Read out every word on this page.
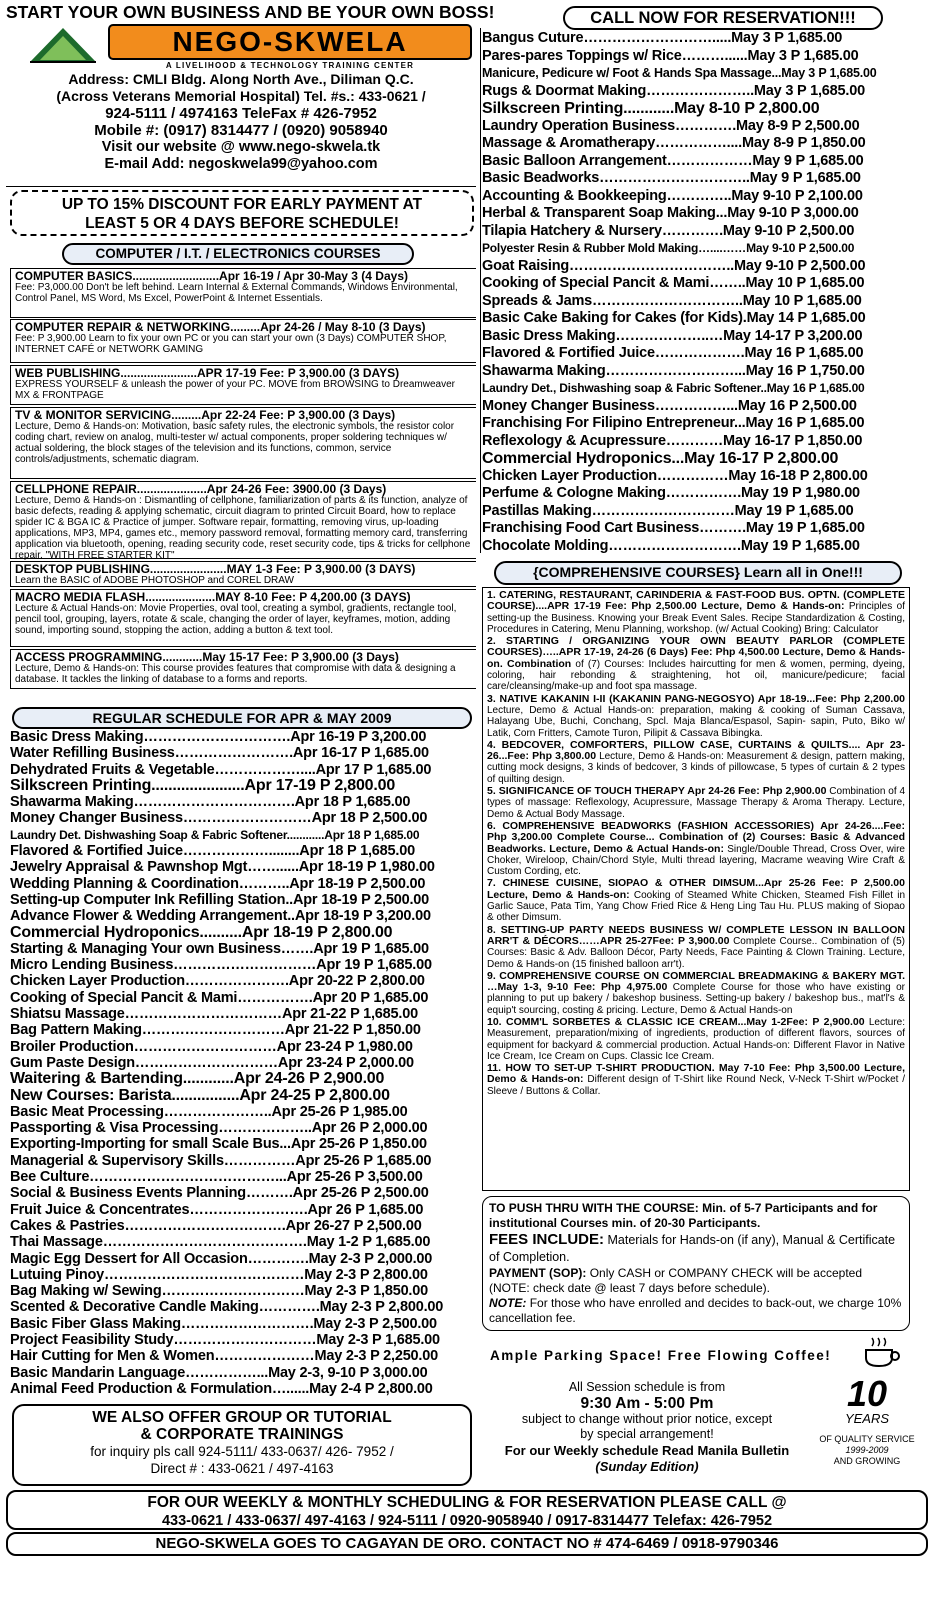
START YOUR OWN BUSINESS AND BE YOUR OWN BOSS!	CALL NOW FOR RESERVATION!!!
NEGO-SKWELA
A LIVELIHOOD & TECHNOLOGY TRAINING CENTER
Address: CMLI Bldg. Along North Ave., Diliman Q.C.
(Across Veterans Memorial Hospital) Tel. #s.: 433-0621 /
924-5111 / 4974163 TeleFax # 426-7952
Mobile #: (0917) 8314477 / (0920) 9058940
Visit our website @ www.nego-skwela.tk
E-mail Add: negoskwela99@yahoo.com
UP TO 15% DISCOUNT FOR EARLY PAYMENT AT
LEAST 5 OR 4 DAYS BEFORE SCHEDULE!
COMPUTER / I.T. / ELECTRONICS COURSES
COMPUTER BASICS..........................Apr 16-19 / Apr 30-May 3 (4 Days)
Fee: P3,000.00 Don't be left behind. Learn Internal & External Commands, Windows Environmental, Control Panel, MS Word, Ms Excel, PowerPoint & Internet Essentials.
COMPUTER REPAIR & NETWORKING.........Apr 24-26 / May 8-10 (3 Days)
Fee: P 3,900.00 Learn to fix your own PC or you can start your own (3 Days) COMPUTER SHOP, INTERNET CAFÉ or NETWORK GAMING
WEB PUBLISHING.......................APR 17-19 Fee: P 3,900.00 (3 DAYS)
EXPRESS YOURSELF & unleash the power of your PC. MOVE from BROWSING to Dreamweaver MX & FRONTPAGE
TV & MONITOR SERVICING.........Apr 22-24 Fee: P 3,900.00 (3 Days)
Lecture, Demo & Hands-on: Motivation, basic safety rules, the electronic symbols, the resistor color coding chart, review on analog, multi-tester w/ actual components, proper soldering techniques w/ actual soldering, the block stages of the television and its functions, common, service controls/adjustments, schematic diagram.
CELLPHONE REPAIR.....................Apr 24-26 Fee: 3900.00 (3 Days)
Lecture, Demo & Hands-on : Dismantling of cellphone, familiarization of parts & its function, analyze of basic defects, reading & applying schematic, circuit diagram to printed Circuit Board, how to replace spider IC & BGA IC & Practice of jumper. Software repair, formatting, removing virus, up-loading applications, MP3, MP4, games etc., memory password removal, formatting memory card, transferring application via bluetooth, opening, reading security code, reset security code, tips & tricks for cellphone repair. "WITH FREE STARTER KIT"
DESKTOP PUBLISHING.......................MAY 1-3 Fee: P 3,900.00 (3 DAYS)
Learn the BASIC of ADOBE PHOTOSHOP and COREL DRAW
MACRO MEDIA FLASH.....................MAY 8-10 Fee: P 4,200.00 (3 DAYS)
Lecture & Actual Hands-on: Movie Properties, oval tool, creating a symbol, gradients, rectangle tool, pencil tool, grouping, layers, rotate & scale, changing the order of layer, keyframes, motion, adding sound, importing sound, stopping the action, adding a button & text tool.
ACCESS PROGRAMMING............May 15-17 Fee: P 3,900.00 (3 Days)
Lecture, Demo & Hands-on: This course provides features that compromise with data & designing a database. It tackles the linking of database to a forms and reports.
REGULAR SCHEDULE FOR APR & MAY 2009
Basic Dress Making………………………….Apr 16-19 P 3,200.00
Water Refilling Business…………………….Apr 16-17 P 1,685.00
Dehydrated Fruits & Vegetable………………....Apr 17 P 1,685.00
Silkscreen Printing......................Apr 17-19 P 2,800.00
Shawarma Making…………………………….Apr 18 P 1,685.00
Money Changer Business………………………Apr 18 P 2,500.00
Laundry Det. Dishwashing Soap & Fabric Softener............Apr 18 P 1,685.00
Flavored & Fortified Juice………………........Apr 18 P 1,685.00
Jewelry Appraisal & Pawnshop Mgt……......Apr 18-19 P 1,980.00
Wedding Planning & Coordination………..Apr 18-19 P 2,500.00
Setting-up Computer Ink Refilling Station..Apr 18-19 P 2,500.00
Advance Flower & Wedding Arrangement..Apr 18-19 P 3,200.00
Commercial Hydroponics..........Apr 18-19 P 2,800.00
Starting & Managing Your own Business…….Apr 19 P 1,685.00
Micro Lending Business…………………………Apr 19 P 1,685.00
Chicken Layer Production………………….Apr 20-22 P 2,800.00
Cooking of Special Pancit & Mami…………….Apr 20 P 1,685.00
Shiatsu Massage……………………………Apr 21-22 P 1,685.00
Bag Pattern Making…………………………Apr 21-22 P 1,850.00
Broiler Production…………………………Apr 23-24 P 1,980.00
Gum Paste Design…………………………Apr 23-24 P 2,000.00
Waitering & Bartending............Apr 24-26 P 2,900.00
New Courses: Barista................Apr 24-25 P 2,800.00
Basic Meat Processing…………………..Apr 25-26 P 1,985.00
Passporting & Visa Processing………………..Apr 26 P 2,000.00
Exporting-Importing for small Scale Bus...Apr 25-26 P 1,850.00
Managerial & Supervisory Skills……………Apr 25-26 P 1,685.00
Bee Culture…………………………………...Apr 25-26 P 3,500.00
Social & Business Events Planning……….Apr 25-26 P 2,500.00
Fruit Juice & Concentrates…………………….Apr 26 P 1,685.00
Cakes & Pastries…………………………….Apr 26-27 P 2,500.00
Thai Massage…………………………………….May 1-2 P 1,685.00
Magic Egg Dessert for All Occasion………….May 2-3 P 2,000.00
Lutuing Pinoy……………………………………May 2-3 P 2,800.00
Bag Making w/ Sewing…………………………May 2-3 P 1,850.00
Scented & Decorative Candle Making………….May 2-3 P 2,800.00
Basic Fiber Glass Making……………………….May 2-3 P 2,500.00
Project Feasibility Study…………………………May 2-3 P 1,685.00
Hair Cutting for Men & Women…………………May 2-3 P 2,250.00
Basic Mandarin Language……………...May 2-3, 9-10 P 3,000.00
Animal Feed Production & Formulation…......May 2-4 P 2,800.00
WE ALSO OFFER GROUP OR TUTORIAL
& CORPORATE TRAININGS
for inquiry pls call 924-5111/ 433-0637/ 426- 7952 /
Direct # : 433-0621 / 497-4163
Bangus Cuture……………………….....May 3 P 1,685.00
Pares-pares Toppings w/ Rice………......May 3 P 1,685.00
Manicure, Pedicure w/ Foot & Hands Spa Massage...May 3 P 1,685.00
Rugs & Doormat Making…………………..May 3 P 1,685.00
Silkscreen Printing............May 8-10 P 2,800.00
Laundry Operation Business………….May 8-9 P 2,500.00
Massage & Aromatherapy……………....May 8-9 P 1,850.00
Basic Balloon Arrangement………………May 9 P 1,685.00
Basic Beadworks…………………………..May 9 P 1,685.00
Accounting & Bookkeeping…………..May 9-10 P 2,100.00
Herbal & Transparent Soap Making...May 9-10 P 3,000.00
Tilapia Hatchery & Nursery………….May 9-10 P 2,500.00
Polyester Resin & Rubber Mold Making…....……May 9-10 P 2,500.00
Goat Raising……………………………..May 9-10 P 2,500.00
Cooking of Special Pancit & Mami……..May 10 P 1,685.00
Spreads & Jams…………………………..May 10 P 1,685.00
Basic Cake Baking for Cakes (for Kids).May 14 P 1,685.00
Basic Dress Making………………..…May 14-17 P 3,200.00
Flavored & Fortified Juice……………….May 16 P 1,685.00
Shawarma Making………………………...May 16 P 1,750.00
Laundry Det., Dishwashing soap & Fabric Softener..May 16 P 1,685.00
Money Changer Business……………...May 16 P 2,500.00
Franchising For Filipino Entrepreneur...May 16 P 1,685.00
Reflexology & Acupressure…………May 16-17 P 1,850.00
Commercial Hydroponics...May 16-17 P 2,800.00
Chicken Layer Production……………May 16-18 P 2,800.00
Perfume & Cologne Making…………….May 19 P 1,980.00
Pastillas Making…………………………May 19 P 1,685.00
Franchising Food Cart Business……….May 19 P 1,685.00
Chocolate Molding……………………….May 19 P 1,685.00
{COMPREHENSIVE COURSES} Learn all in One!!!

1. CATERING, RESTAURANT, CARINDERIA & FAST-FOOD BUS. OPTN. (COMPLETE COURSE)....APR 17-19 Fee: Php 2,500.00 Lecture, Demo & Hands-on: Principles of setting-up the Business. Knowing your Break Event Sales. Recipe Standardization & Costing, Procedures in Catering, Menu Planning, workshop. (w/ Actual Cooking) Bring: Calculator

2. STARTING / ORGANIZING YOUR OWN BEAUTY PARLOR (COMPLETE COURSES)…..APR 17-19, 24-26 (6 Days) Fee: Php 4,500.00 Lecture, Demo & Hands-on. Combination of (7) Courses: Includes haircutting for men & women, perming, dyeing, coloring, hair rebonding & straightening, hot oil, manicure/pedicure; facial care/cleansing/make-up and foot spa massage.

3. NATIVE KAKANIN I-II (KAKANIN PANG-NEGOSYO) Apr 18-19...Fee: Php 2,200.00 Lecture, Demo & Actual Hands-on: preparation, making & cooking of Suman Cassava, Halayang Ube, Buchi, Conchang, Spcl. Maja Blanca/Espasol, Sapin- sapin, Puto, Biko w/ Latik, Corn Fritters, Camote Turon, Pilipit & Cassava Bibingka.

4. BEDCOVER, COMFORTERS, PILLOW CASE, CURTAINS & QUILTS.... Apr 23-26...Fee: Php 3,800.00 Lecture, Demo & Hands-on: Measurement & design, pattern making, cutting mock designs, 3 kinds of bedcover, 3 kinds of pillowcase, 5 types of curtain & 2 types of quilting design.

5. SIGNIFICANCE OF TOUCH THERAPY Apr 24-26 Fee: Php 2,900.00 Combination of 4 types of massage: Reflexology, Acupressure, Massage Therapy & Aroma Therapy. Lecture, Demo & Actual Body Massage.

6. COMPREHENSIVE BEADWORKS (FASHION ACCESSORIES) Apr 24-26....Fee: Php 3,200.00 Complete Course... Combination of (2) Courses: Basic & Advanced Beadworks. Lecture, Demo & Actual Hands-on: Single/Double Thread, Cross Over, wire Choker, Wireloop, Chain/Chord Style, Multi thread layering, Macrame weaving Wire Craft & Custom Cording, etc.

7. CHINESE CUISINE, SIOPAO & OTHER DIMSUM...Apr 25-26 Fee: P 2,500.00 Lecture, Demo & Hands-on: Cooking of Steamed White Chicken, Steamed Fish Fillet in Garlic Sauce, Pata Tim, Yang Chow Fried Rice & Heng Ling Tau Hu. PLUS making of Siopao & other Dimsum.

8. SETTING-UP PARTY NEEDS BUSINESS W/ COMPLETE LESSON IN BALLOON ARR'T & DÉCORS……APR 25-27Fee: P 3,900.00 Complete Course.. Combination of (5) Courses: Basic & Adv. Balloon Décor, Party Needs, Face Painting & Clown Training. Lecture, Demo & Hands-on (15 finished balloon arr't).

9. COMPREHENSIVE COURSE ON COMMERCIAL BREADMAKING & BAKERY MGT. …May 1-3, 9-10 Fee: Php 4,975.00 Complete Course for those who have existing or planning to put up bakery / bakeshop business. Setting-up bakery / bakeshop bus., mat'l's & equip't sourcing, costing & pricing. Lecture, Demo & Actual Hands-on

10. COMM'L SORBETES & CLASSIC ICE CREAM...May 1-2Fee: P 2,900.00 Lecture: Measurement, preparation/mixing of ingredients, production of different flavors, sources of equipment for backyard & commercial production. Actual Hands-on: Different Flavor in Native Ice Cream, Ice Cream on Cups. Classic Ice Cream.

11. HOW TO SET-UP T-SHIRT PRODUCTION. May 7-10 Fee: Php 3,500.00 Lecture, Demo & Hands-on: Different design of T-Shirt like Round Neck, V-Neck T-Shirt w/Pocket / Sleeve / Buttons & Collar.

TO PUSH THRU WITH THE COURSE: Min. of 5-7 Participants and for institutional Courses min. of 20-30 Participants.
FEES INCLUDE: Materials for Hands-on (if any), Manual & Certificate of Completion.
PAYMENT (SOP): Only CASH or COMPANY CHECK will be accepted (NOTE: check date @ least 7 days before schedule).
NOTE: For those who have enrolled and decides to back-out, we charge 10% cancellation fee.
Ample Parking Space! Free Flowing Coffee!
All Session schedule is from
9:30 Am - 5:00 Pm
subject to change without prior notice, except
by special arrangement!
For our Weekly schedule Read Manila Bulletin
(Sunday Edition)
10
YEARS
OF QUALITY SERVICE
1999-2009
AND GROWING
FOR OUR WEEKLY & MONTHLY SCHEDULING & FOR RESERVATION PLEASE CALL @
433-0621 / 433-0637/ 497-4163 / 924-5111 / 0920-9058940 / 0917-8314477 Telefax: 426-7952
NEGO-SKWELA GOES TO CAGAYAN DE ORO. CONTACT NO # 474-6469 / 0918-9790346
